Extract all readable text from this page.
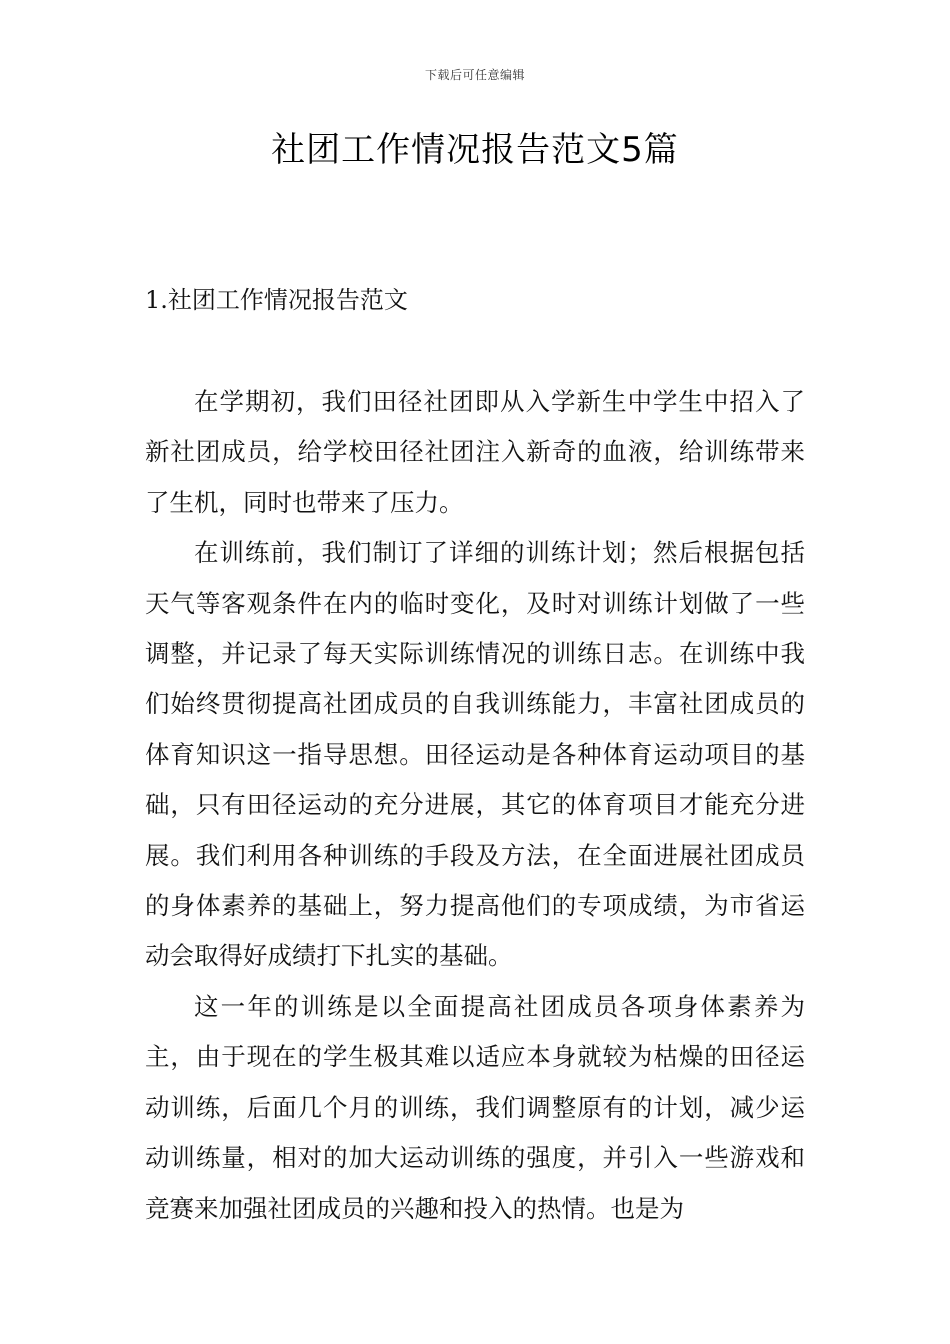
下载后可任意编辑
社团工作情况报告范文5篇
1.社团工作情况报告范文

在学期初，我们田径社团即从入学新生中学生中招入了新社团成员，给学校田径社团注入新奇的血液，给训练带来了生机，同时也带来了压力。

在训练前，我们制订了详细的训练计划；然后根据包括天气等客观条件在内的临时变化，及时对训练计划做了一些调整，并记录了每天实际训练情况的训练日志。在训练中我们始终贯彻提高社团成员的自我训练能力，丰富社团成员的体育知识这一指导思想。田径运动是各种体育运动项目的基础，只有田径运动的充分进展，其它的体育项目才能充分进展。我们利用各种训练的手段及方法，在全面进展社团成员的身体素养的基础上，努力提高他们的专项成绩，为市省运动会取得好成绩打下扎实的基础。

这一年的训练是以全面提高社团成员各项身体素养为主，由于现在的学生极其难以适应本身就较为枯燥的田径运动训练，后面几个月的训练，我们调整原有的计划，减少运动训练量，相对的加大运动训练的强度，并引入一些游戏和竞赛来加强社团成员的兴趣和投入的热情。也是为
